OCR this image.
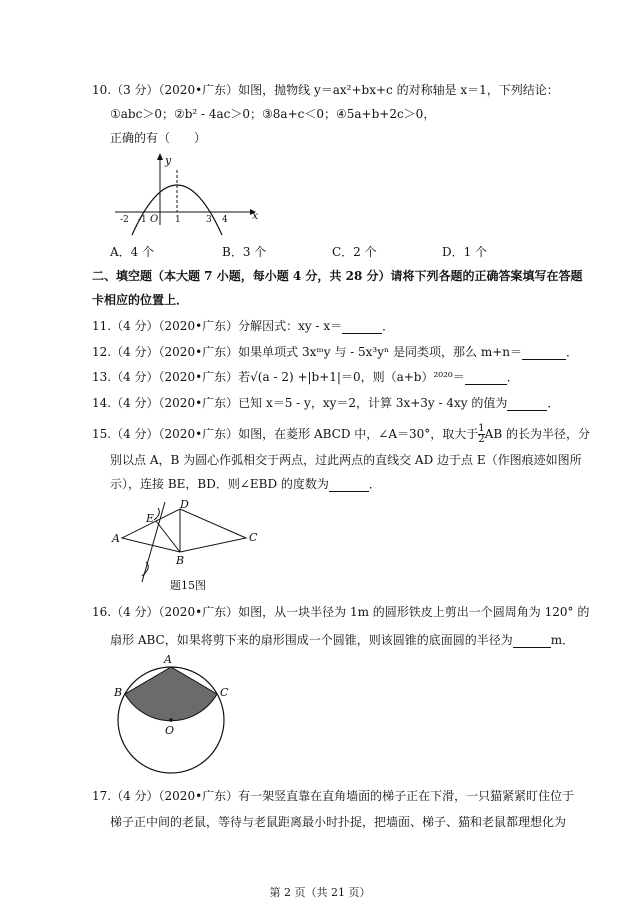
10.（3 分）（2020•广东）如图，抛物线 y＝ax²+bx+c 的对称轴是 x＝1，下列结论：
①abc＞0；②b² - 4ac＞0；③8a+c＜0；④5a+b+2c＞0，
正确的有（　　）
y
x
O
-2 -1	1	3 4
A．4 个	B．3 个	C．2 个	D．1 个
二、填空题（本大题 7 小题，每小题 4 分，共 28 分）请将下列各题的正确答案填写在答题
卡相应的位置上．
11.（4 分）（2020•广东）分解因式：xy - x＝	．
12.（4 分）（2020•广东）如果单项式 3xᵐy 与 - 5x³yⁿ 是同类项，那么 m+n＝	．
13.（4 分）（2020•广东）若√(a - 2) +|b+1|＝0，则（a+b）²⁰²⁰＝	．
14.（4 分）（2020•广东）已知 x＝5 - y，xy＝2，计算 3x+3y - 4xy 的值为	．
15.（4 分）（2020•广东）如图，在菱形 ABCD 中，∠A＝30°，取大于 $\frac{1}{2}$ AB 的长为半径，分
别以点 A，B 为圆心作弧相交于两点，过此两点的直线交 AD 边于点 E（作图痕迹如图所
示），连接 BE，BD．则∠EBD 的度数为	．
A
B
C
D
E
题15图
16.（4 分）（2020•广东）如图，从一块半径为 1m 的圆形铁皮上剪出一个圆周角为 120° 的
扇形 ABC，如果将剪下来的扇形围成一个圆锥，则该圆锥的底面圆的半径为	m．
A
B	C
O
17.（4 分）（2020•广东）有一架竖直靠在直角墙面的梯子正在下滑，一只猫紧紧盯住位于
梯子正中间的老鼠，等待与老鼠距离最小时扑捉，把墙面、梯子、猫和老鼠都理想化为
第 2 页（共 21 页）
